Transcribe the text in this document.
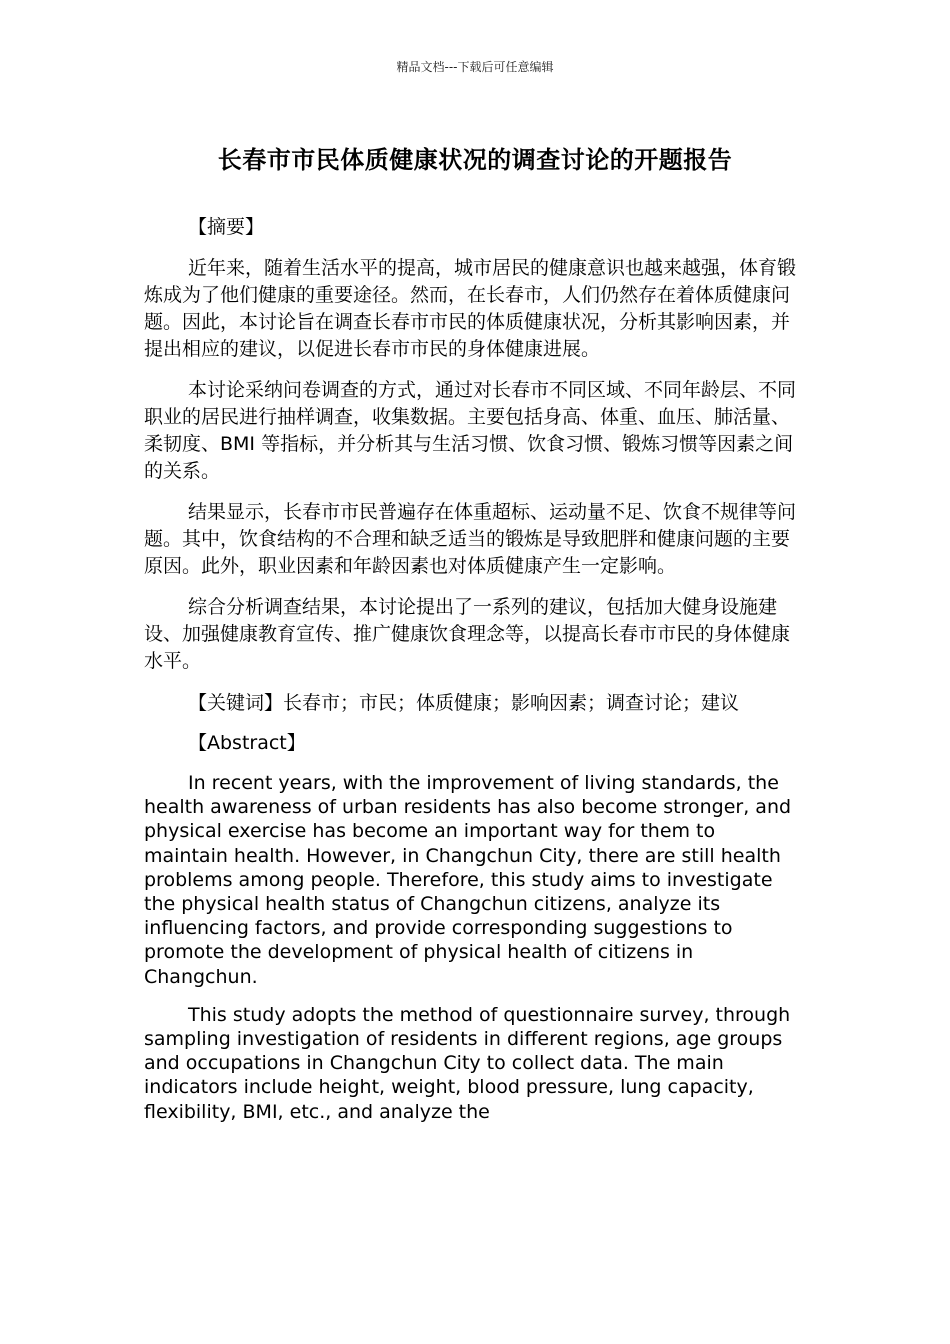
精品文档---下载后可任意编辑
长春市市民体质健康状况的调查讨论的开题报告
【摘要】

近年来，随着生活水平的提高，城市居民的健康意识也越来越强，体育锻炼成为了他们健康的重要途径。然而，在长春市，人们仍然存在着体质健康问题。因此，本讨论旨在调查长春市市民的体质健康状况，分析其影响因素，并提出相应的建议，以促进长春市市民的身体健康进展。

本讨论采纳问卷调查的方式，通过对长春市不同区域、不同年龄层、不同职业的居民进行抽样调查，收集数据。主要包括身高、体重、血压、肺活量、柔韧度、BMI 等指标，并分析其与生活习惯、饮食习惯、锻炼习惯等因素之间的关系。

结果显示，长春市市民普遍存在体重超标、运动量不足、饮食不规律等问题。其中，饮食结构的不合理和缺乏适当的锻炼是导致肥胖和健康问题的主要原因。此外，职业因素和年龄因素也对体质健康产生一定影响。

综合分析调查结果，本讨论提出了一系列的建议，包括加大健身设施建设、加强健康教育宣传、推广健康饮食理念等，以提高长春市市民的身体健康水平。

【关键词】长春市；市民；体质健康；影响因素；调查讨论；建议
【Abstract】

In recent years, with the improvement of living standards, the health awareness of urban residents has also become stronger, and physical exercise has become an important way for them to maintain health. However, in Changchun City, there are still health problems among people. Therefore, this study aims to investigate the physical health status of Changchun citizens, analyze its influencing factors, and provide corresponding suggestions to promote the development of physical health of citizens in Changchun.

This study adopts the method of questionnaire survey, through sampling investigation of residents in different regions, age groups and occupations in Changchun City to collect data. The main indicators include height, weight, blood pressure, lung capacity, flexibility, BMI, etc., and analyze the
